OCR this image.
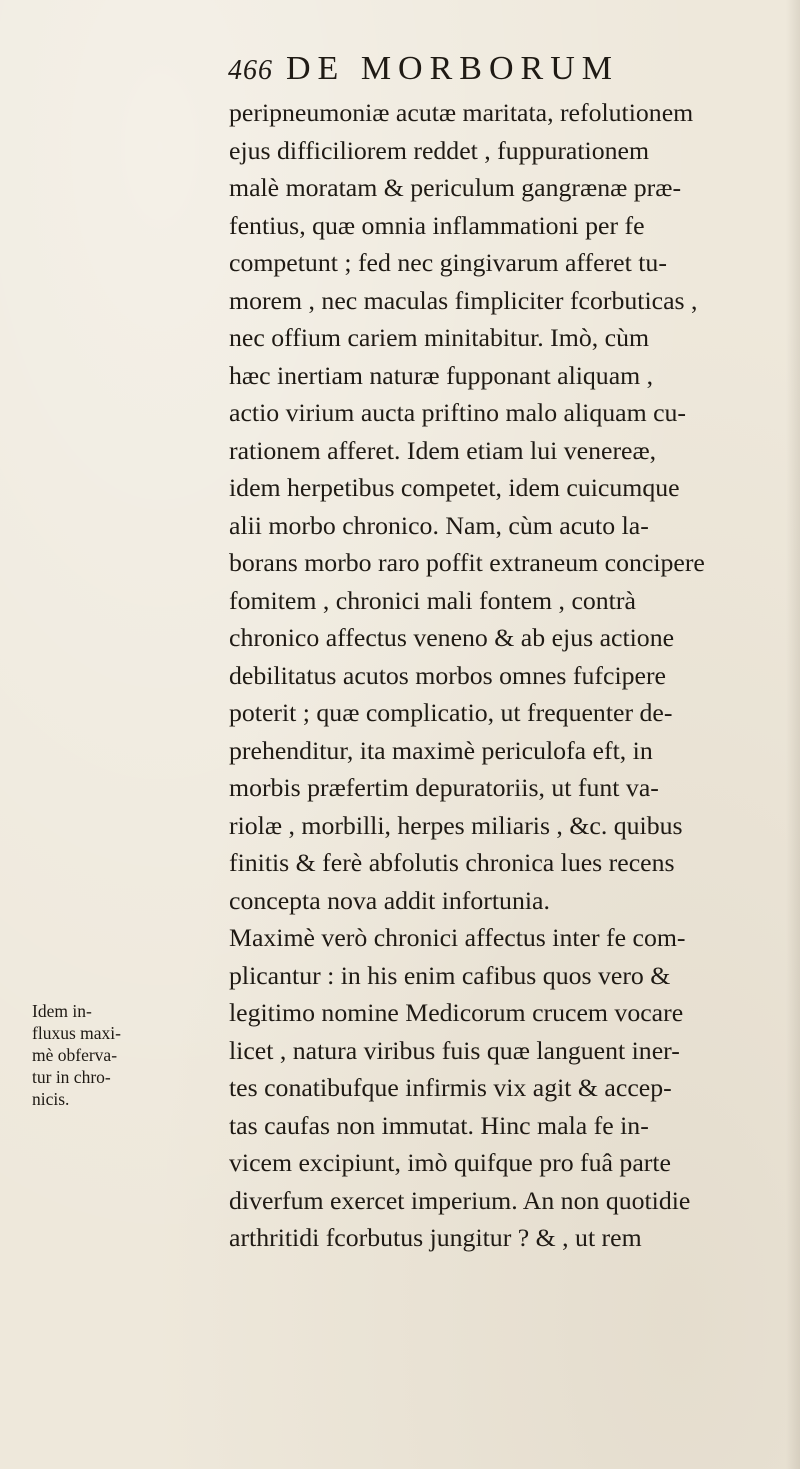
466 DE MORBORUM
Idem in-
fluxus maxi-
mè obferva-
tur in chro-
nicis.
peripneumoniæ acutæ maritata, refolutionem
ejus difficiliorem reddet , fuppurationem
malè moratam & periculum gangrænæ præ-
fentius, quæ omnia inflammationi per fe
competunt ; fed nec gingivarum afferet tu-
morem , nec maculas fimpliciter fcorbuticas ,
nec offium cariem minitabitur. Imò, cùm
hæc inertiam naturæ fupponant aliquam ,
actio virium aucta priftino malo aliquam cu-
rationem afferet. Idem etiam lui venereæ,
idem herpetibus competet, idem cuicumque
alii morbo chronico. Nam, cùm acuto la-
borans morbo raro poffit extraneum concipere
fomitem , chronici mali fontem , contrà
chronico affectus veneno & ab ejus actione
debilitatus acutos morbos omnes fufcipere
poterit ; quæ complicatio, ut frequenter de-
prehenditur, ita maximè periculofa eft, in
morbis præfertim depuratoriis, ut funt va-
riolæ , morbilli, herpes miliaris , &c. quibus
finitis & ferè abfolutis chronica lues recens
concepta nova addit infortunia.
Maximè verò chronici affectus inter fe com-
plicantur : in his enim cafibus quos vero &
legitimo nomine Medicorum crucem vocare
licet , natura viribus fuis quæ languent iner-
tes conatibufque infirmis vix agit & accep-
tas caufas non immutat. Hinc mala fe in-
vicem excipiunt, imò quifque pro fuâ parte
diverfum exercet imperium. An non quotidie
arthritidi fcorbutus jungitur ? & , ut rem
